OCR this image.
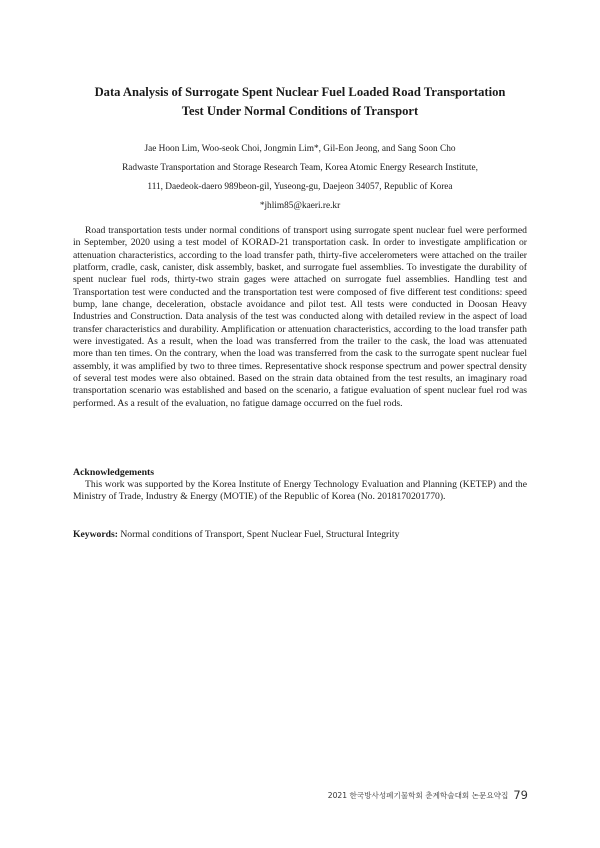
Data Analysis of Surrogate Spent Nuclear Fuel Loaded Road Transportation
Test Under Normal Conditions of Transport
Jae Hoon Lim, Woo-seok Choi, Jongmin Lim*, Gil-Eon Jeong, and Sang Soon Cho
Radwaste Transportation and Storage Research Team, Korea Atomic Energy Research Institute,
111, Daedeok-daero 989beon-gil, Yuseong-gu, Daejeon 34057, Republic of Korea
*jhlim85@kaeri.re.kr

Road transportation tests under normal conditions of transport using surrogate spent nuclear fuel were performed in September, 2020 using a test model of KORAD-21 transportation cask. In order to investigate amplification or attenuation characteristics, according to the load transfer path, thirty-five accelerometers were attached on the trailer platform, cradle, cask, canister, disk assembly, basket, and surrogate fuel assemblies. To investigate the durability of spent nuclear fuel rods, thirty-two strain gages were attached on surrogate fuel assemblies. Handling test and Transportation test were conducted and the transportation test were composed of five different test conditions: speed bump, lane change, deceleration, obstacle avoidance and pilot test. All tests were conducted in Doosan Heavy Industries and Construction. Data analysis of the test was conducted along with detailed review in the aspect of load transfer characteristics and durability. Amplification or attenuation characteristics, according to the load transfer path were investigated. As a result, when the load was transferred from the trailer to the cask, the load was attenuated more than ten times. On the contrary, when the load was transferred from the cask to the surrogate spent nuclear fuel assembly, it was amplified by two to three times. Representative shock response spectrum and power spectral density of several test modes were also obtained. Based on the strain data obtained from the test results, an imaginary road transportation scenario was established and based on the scenario, a fatigue evaluation of spent nuclear fuel rod was performed. As a result of the evaluation, no fatigue damage occurred on the fuel rods.

Acknowledgements

This work was supported by the Korea Institute of Energy Technology Evaluation and Planning (KETEP) and the Ministry of Trade, Industry & Energy (MOTIE) of the Republic of Korea (No. 2018170201770).

Keywords: Normal conditions of Transport, Spent Nuclear Fuel, Structural Integrity

2021 한국방사성폐기물학회 춘계학술대회 논문요약집 79
